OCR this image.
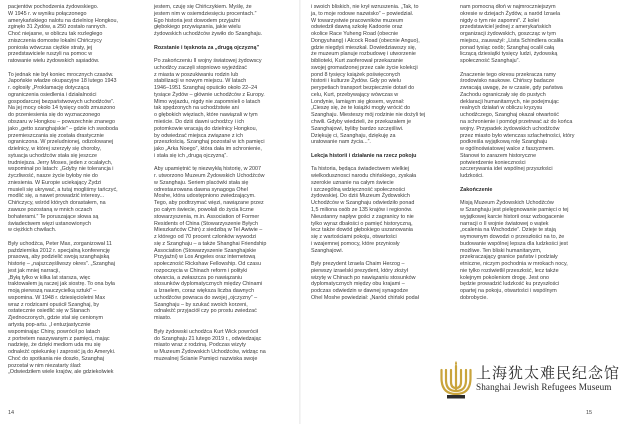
pacjentów pochodzenia żydowskiego.
W 1945 r. w wyniku połączonego
amerykańskiego nalotu na dzielnicę Hongkou,
zginęło 31 Żydów, a 250 zostało rannych.
Choć niejasne, w obliczu tak rozległego
zniszczenia domostw lokalni Chińczycy
poniosła wówczas ciężkie straty, jej
przedstawiciele ruszyli na pomoc w
ratowanie wielu żydowskich sąsiadów.
To jednak nie był koniec mrocznych czasów.
Japońskie władze okupacyjne 18 lutego 1943
r. ogłosiły „Proklamację dotyczącą
ograniczenia osiedlenia i działalności
gospodarczej bezpaństwowych uchodźców”.
Na jej mocy około 14 tysięcy osób zmuszono
do przeniesienia się do wyznaczonego
obszaru w Hongkou – powszechnie znanego
jako „getto szanghajskie” – gdzie ich swoboda
przemieszczania się została drastycznie
ograniczona. W przeludnionej, odizolowanej
dzielnicy, w której szerzyły się choroby,
sytuacja uchodźców stała się jeszcze
trudniejsza. Jerry Moses, jeden z ocalałych,
wspominał po latach: „Gdyby nie tolerancja i
życzliwość, nasze życie byłoby nie do
zniesienia. W Europie uciekający Żydzi
musieli się ukrywać, a tutaj mogliśmy tańczyć,
modlić się, a nawet prowadzić interesy...
Chińczycy, wśród których dorastałem, na
zawsze pozostaną w mnich oczach
bohaterami.” Te poruszające słowa są
świadectwem więzi ustanowionych
w ciężkich chwilach.
Były uchodźca, Peter Max, zorganizował 11
października 2012 r. specjalną konferencję
prasową, aby podzielić swoją szanghajską
historię – „najszczęśliwszy okres”. „Szanghaj
jest jak mniej narracji,
„Byłą tylko w kilka lat starsza, więc
traktowałem ją raczej jak siostrę. To ona była
moją pierwszą nauczycielką sztuki” –
wspomina. W 1948 r. dziesięcioletni Max
wraz z rodzicami opuścił Szanghaj, by
ostatecznie osiedlić się w Stanach
Zjednoczonych, gdzie stał się cenionym
artystą pop-artu. „I entuzjastycznie
wspominając Chiny, powrócił po latach
z portretem naszywanym z pamięci, mając
nadzieję, że dzięki mediom uda mu się
odnaleźć opiekunkę i zaprosić ją do Ameryki.
Choć do spotkania nie doszło, Szanghaj
pozostał w nim niezatarty ślad:
„Odwiedziłem wiele krajów, ale gdziekolwiek
jestem, czuję się Chińczykiem. Myślę, że
jestem nim w osiemdziesięciu procentach.”
Ego historia jest dowodem przyjaźni
głębokiego przywiązania, jakie wielu
żydowskich uchodźców żywiło do Szanghaju.
Rozstanie i tęsknota za „drugą ojczyzną”
Po zakończeniu II wojny światowej żydowscy
uchodźcy zaczęli stopniowo wyjeżdżać
z miasta w poszukiwaniu rodzin lub
stabilizacji w nowym miejscu. W latach
1946–1951 Szanghaj opuściło około 22–24
tysiące Żydów – głównie uchodźców z Europy.
Mimo wyjazdu, nigdy nie zapomnieli o latach
tak spędzonych na uchodźstwie ani
o głębokich więziach, które nawiązali w tym
mieście. Do dziś dawni uchodźcy i ich
potomkowie wracają do dzielnicy Hongkou,
by odwiedzać miejsca związane z ich
przeszłością. Szanghaj pozostał w ich pamięci
jako „Arka Noego”, która dała im schronienie,
i stała się ich „drugą ojczyzną”.
Aby upamiętnić tę niezwykłą historię, w 2007
r. utworzono Muzeum Żydowskich Uchodźców
w Szanghaju. Seriem placówki stała się
odrestaurowana dawna synagoga Ohel
Moshe, która udostępniono zwiedzającym.
Tego, aby podtrzymać więzi, nawiązane przez
po całym świecie, powołali do życia liczne
stowarzyszenia, m.in. Association of Former
Residents of China (Stowarzyszenie Byłych
Mieszkańców Chin) z siedzibą w Tel Awiwie –
z którego od 70 procent członków wywodzi
się z Szanghaju – a także Shanghai Friendship
Association (Stowarzyszenie Szanghajskie
Przyjaźni) w Los Angeles oraz internetową
społeczność Rickshaw Fellowship. Od czasu
rozpoczęcia w Chinach reform i polityki
otwarcia, a zwłaszcza po nawiązaniu
stosunków dyplomatycznych między Chinami
a Izraelem, coraz większa liczba dawnych
uchodźców powraca do swojej „ojczyzny” –
Szanghaju – by szukać swoich korzeni,
odnaleźć przyjaciół czy po prostu zwiedzać
miasto.
Były żydowski uchodźca Kurt Wick powrócił
do Szanghaju 21 lutego 2019 r., odwiedzając
miasto wraz z rodziną. Podczas wizyty
w Muzeum Żydowskich Uchodźców, widząc na
muzealnej Ścianie Pamięci nazwiska swoje
i swoich bliskich, nie krył wzruszenia. „Tak, to
ja, to moje rodowe nazwisko” – powiedział.
W towarzystwie pracowników muzeum
odwiedził dawną szkołę Kadoorie oraz
okolice Race Yuheng Road (obecnie
Dongyuhang) i Alcock Road (obecnie Anguo),
gdzie niegdyś mieszkał. Dowiedziawszy się,
że muzeum planuje rozbudowę i utworzenie
biblioteki, Kurt zaoferował przekazanie
swojej gromadzonej przez całe życie kolekcji
pond 8 tysięcy książek poświęconych
historii i kulturze Żydów. Gdy po wielu
perypetiach transport bezpiecznie dotarł do
celu, Kurt, przebywający wówczas w
Londynie, lamiąym się głosem, wyznał:
„Cieszę się, że te książki mogły wrócić do
Szanghaju. Miesteszy mój rodzinie nie dożyli tej
chwili. Gdyby wiedzieli, że przekazałem je
Szanghajowi, byliby bardzo szczęśliwi.
Dziękuję ci, Szanghaju, dziękuję za
uratowanie nam życia...”.
Lekcja historii i działanie na rzecz pokoju
Ta historia, będąca świadectwem wielkiej
wielkodusznosci narodu chińskiego, zyskała
szerokie uznanie na całym świecie
i szczególną wdzięczność społeczności
żydowskiej. Do dziś Muzeum Żydowskich
Uchodźców w Szanghaju odwiedziło ponad
1,5 miliona osób ze 135 krajów i regionów.
Nieustanny napływ gości z zagranicy to nie
tylko wyraz dbałości o pamięć historyczną,
lecz także dowód głębokiego uszanowania
się z wartościami pokoju, otwartości
i wzajemnej pomocy, które przyniosły
Szanghajowi.
Były prezydent Izraela Chaim Herzog –
pierwszy izraelski prezydent, który złożył
wizytę w Chinach po nawiązaniu stosunków
dyplomatycznych między obu krajami –
podczas odwiedzin w dawnej synagodze
Ohel Moshe powiedział: „Naród chiński podał
nam pomocną dłoń w najmroczniejszym
okresie w dziejach Żydów, a naród Izraela
nigdy o tym nie zapomni”. Z kolei
przedstawiciel jednej z amerykańskich
organizacji żydowskich, goszcząc w tym
miejscu, zauważył: „Lista Schindlera ocaliła
ponad tysiąc osób; Szanghaj ocalił całą
liczącą dziesiątki tysięcy ludzi, żydowską
społeczność Szanghaju”.
Znaczenie tego okresu przekracza ramy
środowisko naukowe. Chińscy badacze
zwracają uwagę, że w czasie, gdy państwa
Zachodu ograniczały się do pustych
deklaracji humanitarnych, nie podejmując
realnych działań w obliczu kryzysu
uchodźczego, Szanghaj okazał otwartość
na schronienie i pomógł przetrwać aż do końca
wojny. Przypadek żydowskich uchodźców
przez miasto było wtenczas szlachetności, który
podkreśla wyjątkową rolę Szanghaju
w ogólnoświatowej walce z faszyzmem.
Stanowi to zarazem historyczne
potwierdzenie konieczności
szczerywania idei wspólnej przyszłości
ludzkości.
Zakończenie
Misją Muzeum Żydowskich Uchodźców
w Szanghaju jest pielęgnowanie pamięci o tej
wyjątkowej karcie historii oraz wzbogacenie
narracji o II wojnie światowej o wątek
„ocalenia na Wschodzie”. Dzieje te stają
wymownym dowodzi o przeszłości na to, że
budowanie wspólnej lepsza dla ludzkości jest
możliwe. Ten bliski humanitaryzm,
przekraczający granice państw i podziały
etniczne, niczym pochodnia w mrokach nocy,
nie tylko rozświetlił przeszłość, lecz także
kolejnym pokoleniom drogę. Jest ono
będzie prowadzić ludzkość ku przyszłości
opartej na pokoju, otwartości i wspólnym
dobrobycie.
上海犹太难民纪念馆
Shanghai Jewish Refugees Museum
14	15
